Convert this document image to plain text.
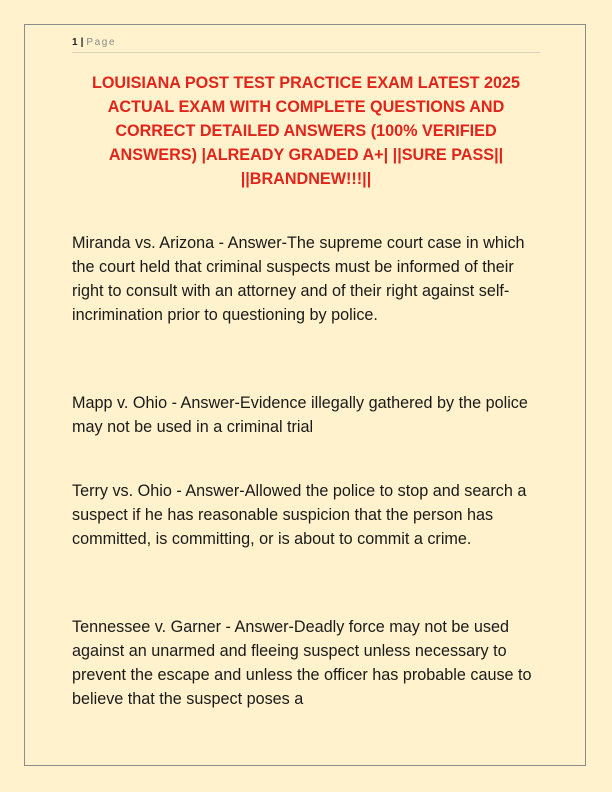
1 | Page
LOUISIANA POST TEST PRACTICE EXAM LATEST 2025 ACTUAL EXAM WITH COMPLETE QUESTIONS AND CORRECT DETAILED ANSWERS (100% VERIFIED ANSWERS) |ALREADY GRADED A+| ||SURE PASS|| ||BRANDNEW!!!||

Miranda vs. Arizona - Answer-The supreme court case in which the court held that criminal suspects must be informed of their right to consult with an attorney and of their right against self-incrimination prior to questioning by police.

Mapp v. Ohio - Answer-Evidence illegally gathered by the police may not be used in a criminal trial

Terry vs. Ohio - Answer-Allowed the police to stop and search a suspect if he has reasonable suspicion that the person has committed, is committing, or is about to commit a crime.

Tennessee v. Garner - Answer-Deadly force may not be used against an unarmed and fleeing suspect unless necessary to prevent the escape and unless the officer has probable cause to believe that the suspect poses a
